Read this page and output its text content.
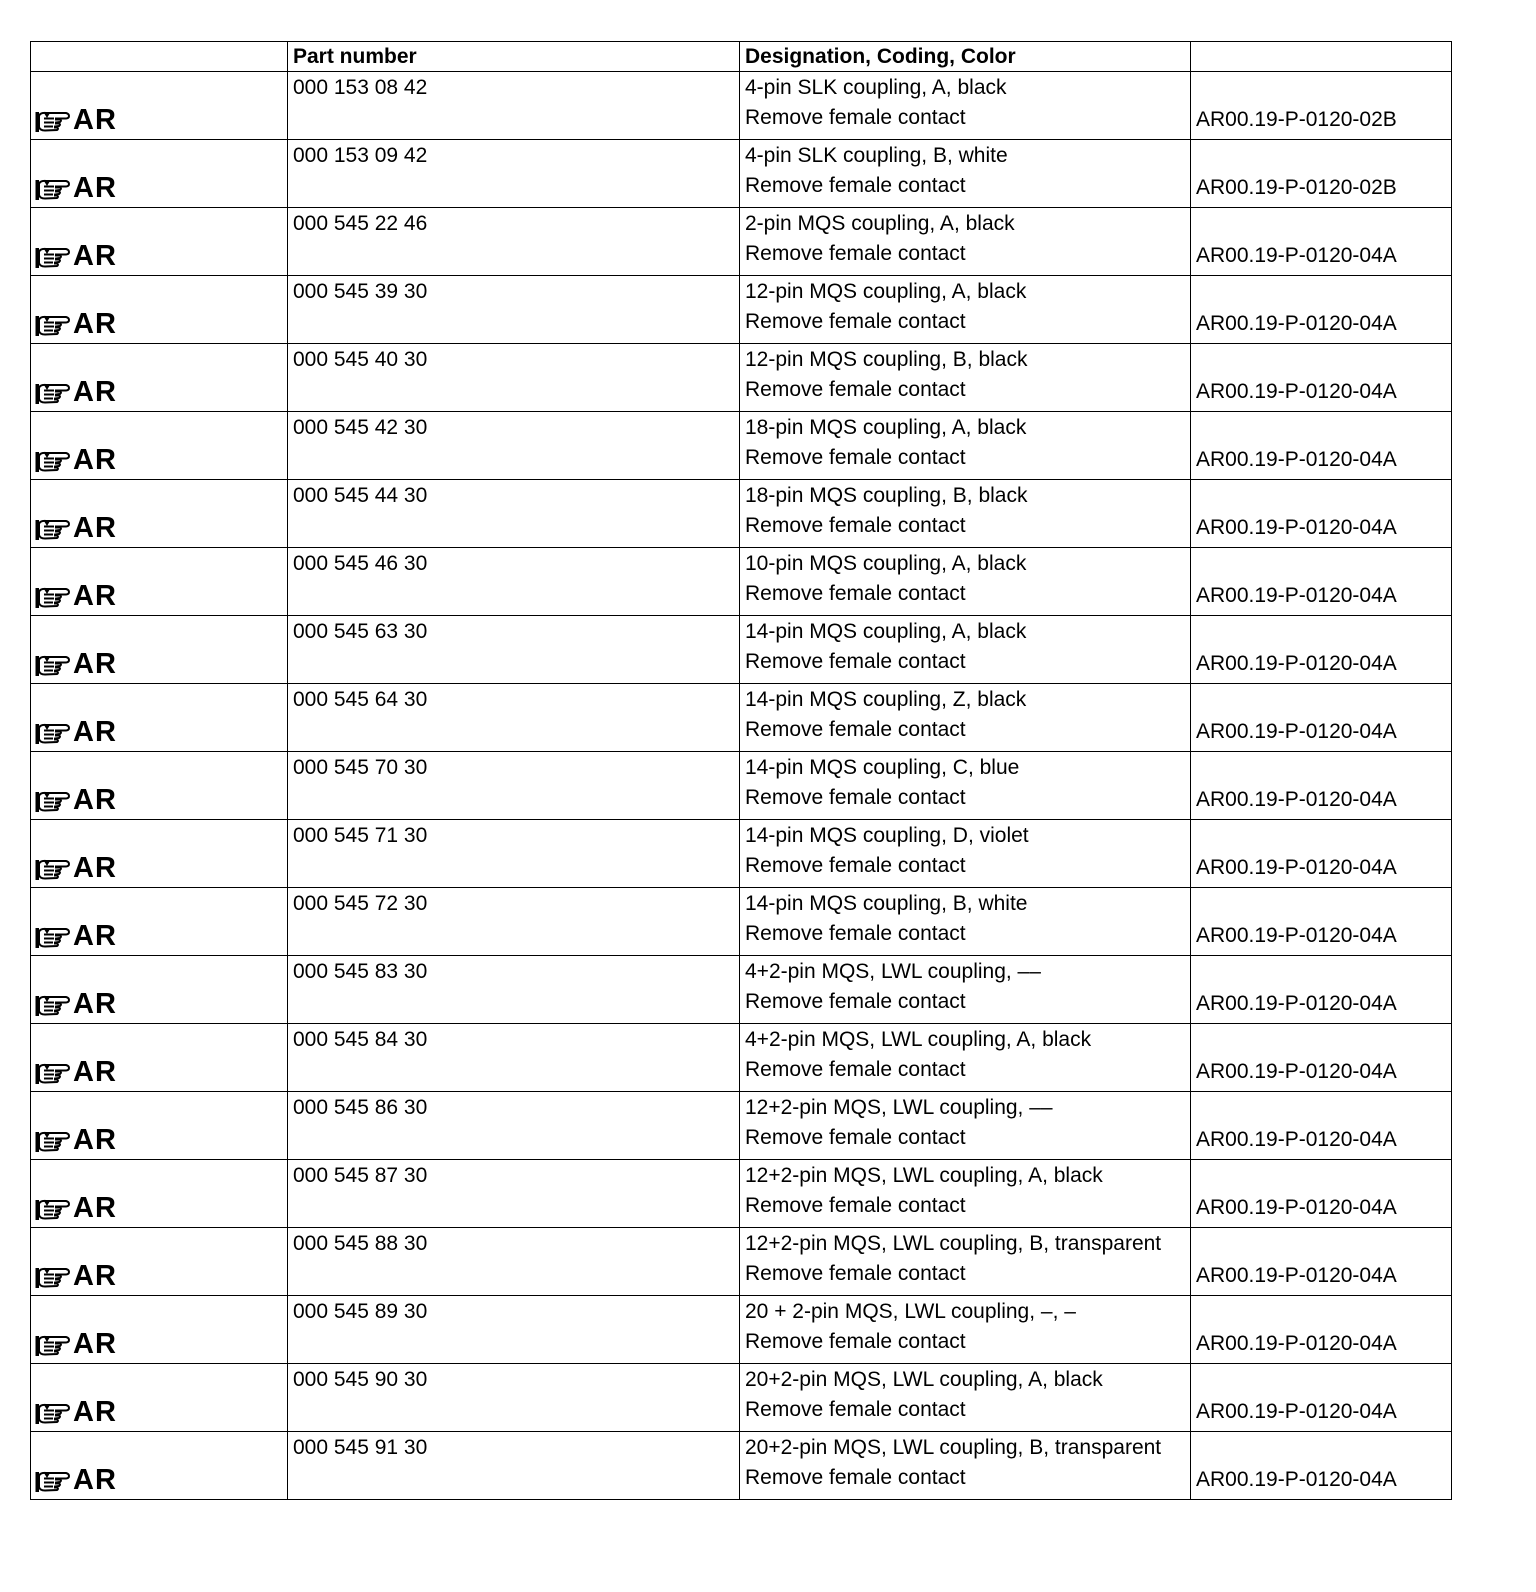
	Part number	Designation, Coding, Color	

AR	000 153 08 42	4-pin SLK coupling, A, black
Remove female contact	AR00.19-P-0120-02B

AR	000 153 09 42	4-pin SLK coupling, B, white
Remove female contact	AR00.19-P-0120-02B

AR	000 545 22 46	2-pin MQS coupling, A, black
Remove female contact	AR00.19-P-0120-04A

AR	000 545 39 30	12-pin MQS coupling, A, black
Remove female contact	AR00.19-P-0120-04A

AR	000 545 40 30	12-pin MQS coupling, B, black
Remove female contact	AR00.19-P-0120-04A

AR	000 545 42 30	18-pin MQS coupling, A, black
Remove female contact	AR00.19-P-0120-04A

AR	000 545 44 30	18-pin MQS coupling, B, black
Remove female contact	AR00.19-P-0120-04A

AR	000 545 46 30	10-pin MQS coupling, A, black
Remove female contact	AR00.19-P-0120-04A

AR	000 545 63 30	14-pin MQS coupling, A, black
Remove female contact	AR00.19-P-0120-04A

AR	000 545 64 30	14-pin MQS coupling, Z, black
Remove female contact	AR00.19-P-0120-04A

AR	000 545 70 30	14-pin MQS coupling, C, blue
Remove female contact	AR00.19-P-0120-04A

AR	000 545 71 30	14-pin MQS coupling, D, violet
Remove female contact	AR00.19-P-0120-04A

AR	000 545 72 30	14-pin MQS coupling, B, white
Remove female contact	AR00.19-P-0120-04A

AR	000 545 83 30	4+2-pin MQS, LWL coupling, ––
Remove female contact	AR00.19-P-0120-04A

AR	000 545 84 30	4+2-pin MQS, LWL coupling, A, black
Remove female contact	AR00.19-P-0120-04A

AR	000 545 86 30	12+2-pin MQS, LWL coupling, ––
Remove female contact	AR00.19-P-0120-04A

AR	000 545 87 30	12+2-pin MQS, LWL coupling, A, black
Remove female contact	AR00.19-P-0120-04A

AR	000 545 88 30	12+2-pin MQS, LWL coupling, B, transparent
Remove female contact	AR00.19-P-0120-04A

AR	000 545 89 30	20 + 2-pin MQS, LWL coupling, –, –
Remove female contact	AR00.19-P-0120-04A

AR	000 545 90 30	20+2-pin MQS, LWL coupling, A, black
Remove female contact	AR00.19-P-0120-04A

AR	000 545 91 30	20+2-pin MQS, LWL coupling, B, transparent
Remove female contact	AR00.19-P-0120-04A
